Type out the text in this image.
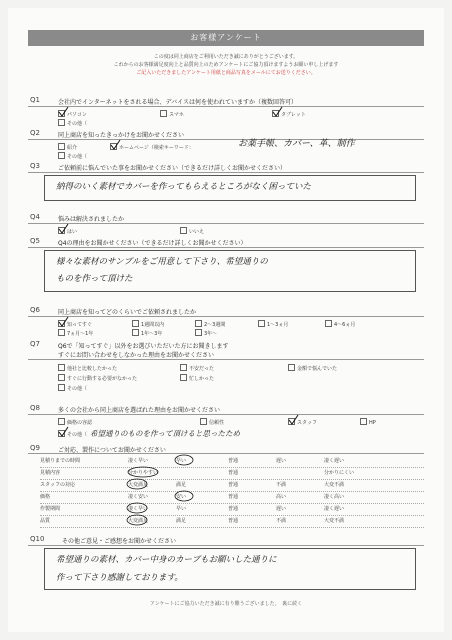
お客様アンケート
この度は同上商店をご利用いただき誠にありがとうございます。
これからのお客様満足度向上と品質向上のためアンケートにご協力頂けますようお願い申し上げます
ご記入いただきましたアンケート用紙と商品写真をメールにてお送りください。
Q1	会社内でインターネットをされる場合、デバイスは何を使われていますか（複数回答可）
パソコン	スマホ	タブレット
その他（
Q2	同上商店を知ったきっかけをお聞かせください
紹介	ホームページ（検索キーワード：	お薬手帳、カバー、革、制作
その他（
Q3	ご依頼前に悩んでいた事をお聞かせください（できるだけ詳しくお聞かせください）
納得のいく素材でカバーを作ってもらえるところがなく困っていた
Q4	悩みは解決されましたか
はい	いいえ
Q5	Q4の理由をお聞かせください（できるだけ詳しくお聞かせください）
様々な素材のサンプルをご用意して下さり、希望通りの
ものを作って頂けた
Q6	同上商店を知ってどのくらいでご依頼されましたか
知ってすぐ	1週間以内	2～3週間	1～3ヵ月	4～6ヵ月
7ヵ月～1年	1年～3年	3年～
Q7	Q6で「知ってすぐ」以外をお選びいただいた方にお聞きします
すぐにお問い合わせをしなかった理由をお聞かせください
他社と比較したかった	不安だった	金額で悩んでいた
すぐに行動する必要がなかった	忙しかった
その他（
Q8	多くの会社から同上商店を選ばれた理由をお聞かせください
価格の容認	信頼性	スタッフ	HP
その他（ 希望通りのものを作って頂けると思ったため
Q9	ご対応、製作についてお聞かせください
見積りまでの時間	凄く早い	早い	普通	遅い	凄く遅い
見積内容	分かりやすい	普通	分かりにくい
スタッフの対応	大変満足	満足	普通	不満	大変不満
価格	凄く安い	安い	普通	高い	凄く高い
作製期間	凄く早い	早い	普通	遅い	凄く遅い
品質	大変満足	満足	普通	不満	大変不満
Q10	その他ご意見・ご感想をお聞かせください
希望通りの素材、カバー中身のカーブもお願いした通りに
作って下さり感謝しております。
アンケートにご協力いただき誠に有り難うございました。　裏に続く
